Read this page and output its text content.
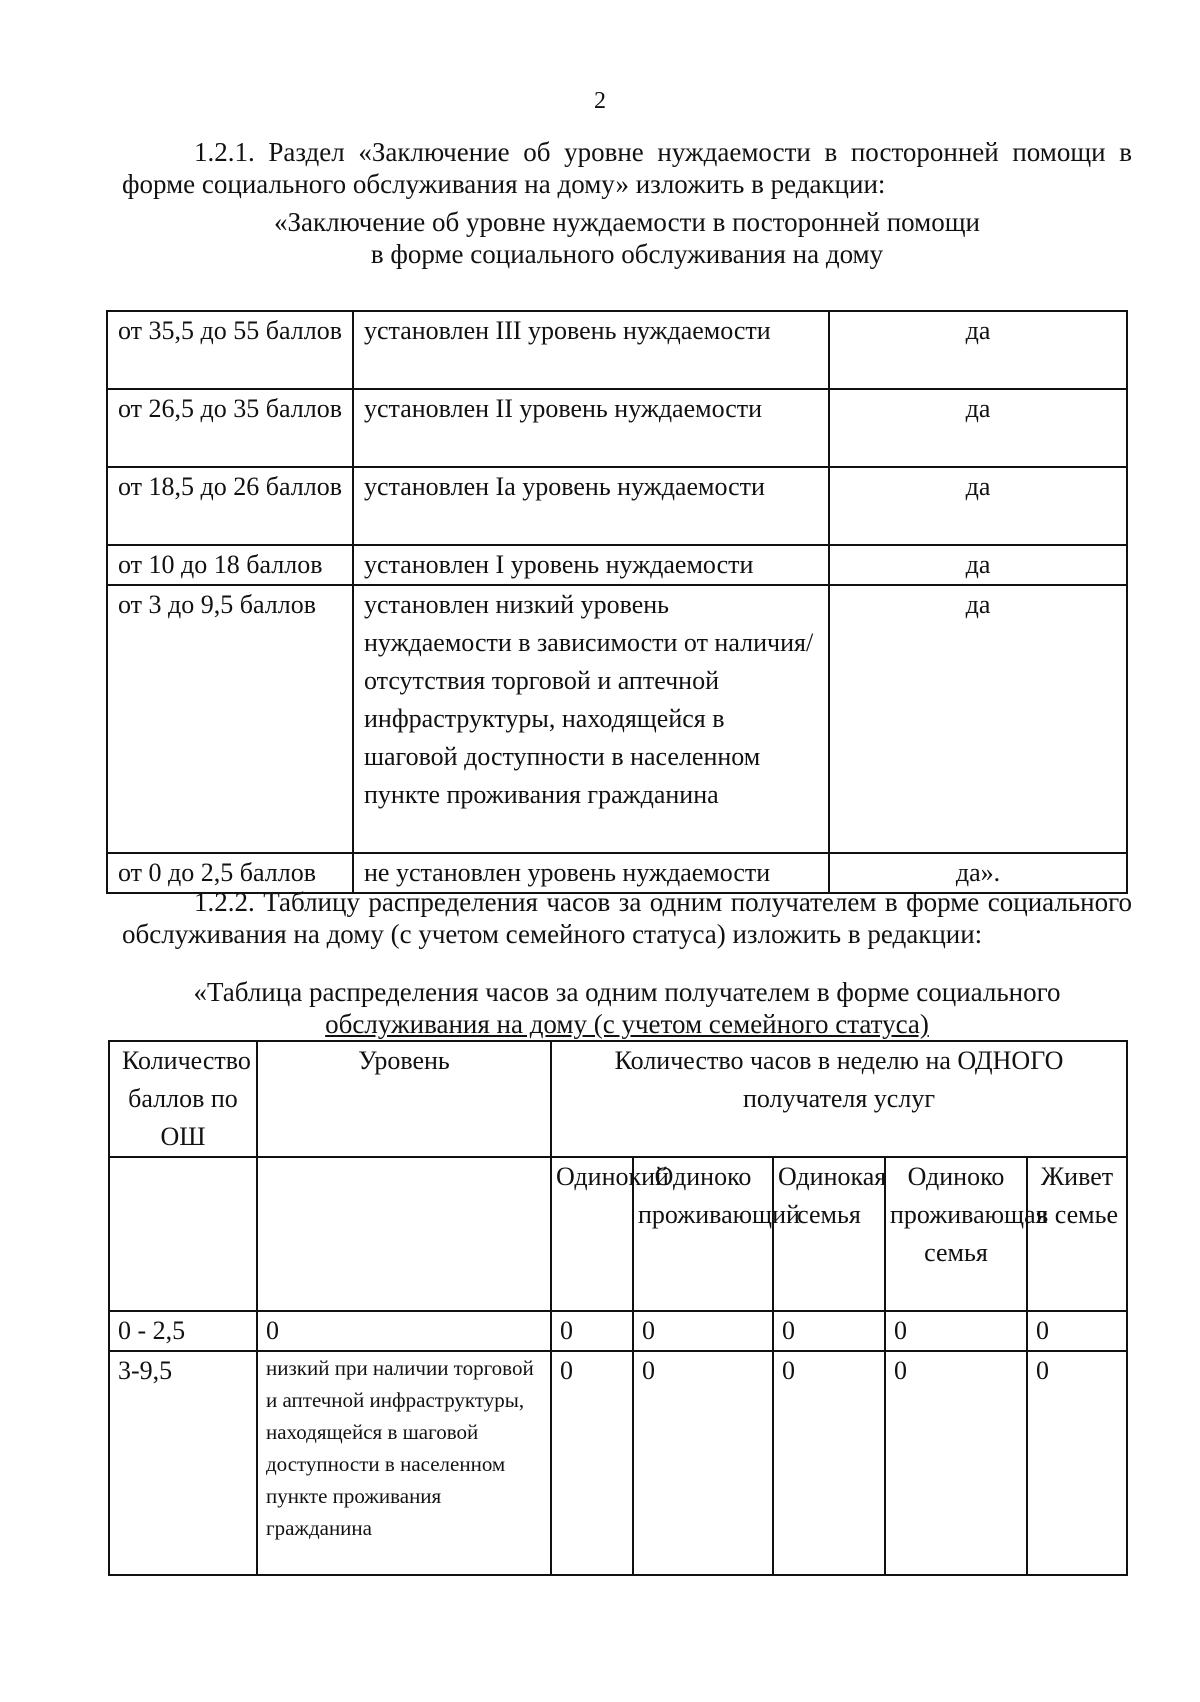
2

1.2.1. Раздел «Заключение об уровне нуждаемости в посторонней помощи в форме социального обслуживания на дому» изложить в редакции:

«Заключение об уровне нуждаемости в посторонней помощи
в форме социального обслуживания на дому
от 35,5 до 55 баллов	установлен III уровень нуждаемости	да
от 26,5 до 35 баллов	установлен II уровень нуждаемости	да
от 18,5 до 26 баллов	установлен Iа уровень нуждаемости	да
от 10 до 18 баллов	установлен I уровень нуждаемости	да
от 3 до 9,5 баллов	установлен низкий уровень нуждаемости в зависимости от наличия/отсутствия торговой и аптечной инфраструктуры, находящейся в шаговой доступности в населенном пункте проживания гражданина	да
от 0 до 2,5 баллов	не установлен уровень нуждаемости	да».

1.2.2. Таблицу распределения часов за одним получателем в форме социального обслуживания на дому (с учетом семейного статуса) изложить в редакции:

«Таблица распределения часов за одним получателем в форме социального
обслуживания на дому (с учетом семейного статуса)
Количество баллов по ОШ	Уровень	Количество часов в неделю на ОДНОГО получателя услуг				
		Одинокий	Одиноко проживающий	Одинокая семья	Одиноко проживающая семья	Живет в семье
0 - 2,5	0	0	0	0	0	0
3-9,5	низкий при наличии торговой и аптечной инфраструктуры, находящейся в шаговой доступности в населенном пункте проживания гражданина	0	0	0	0	0
